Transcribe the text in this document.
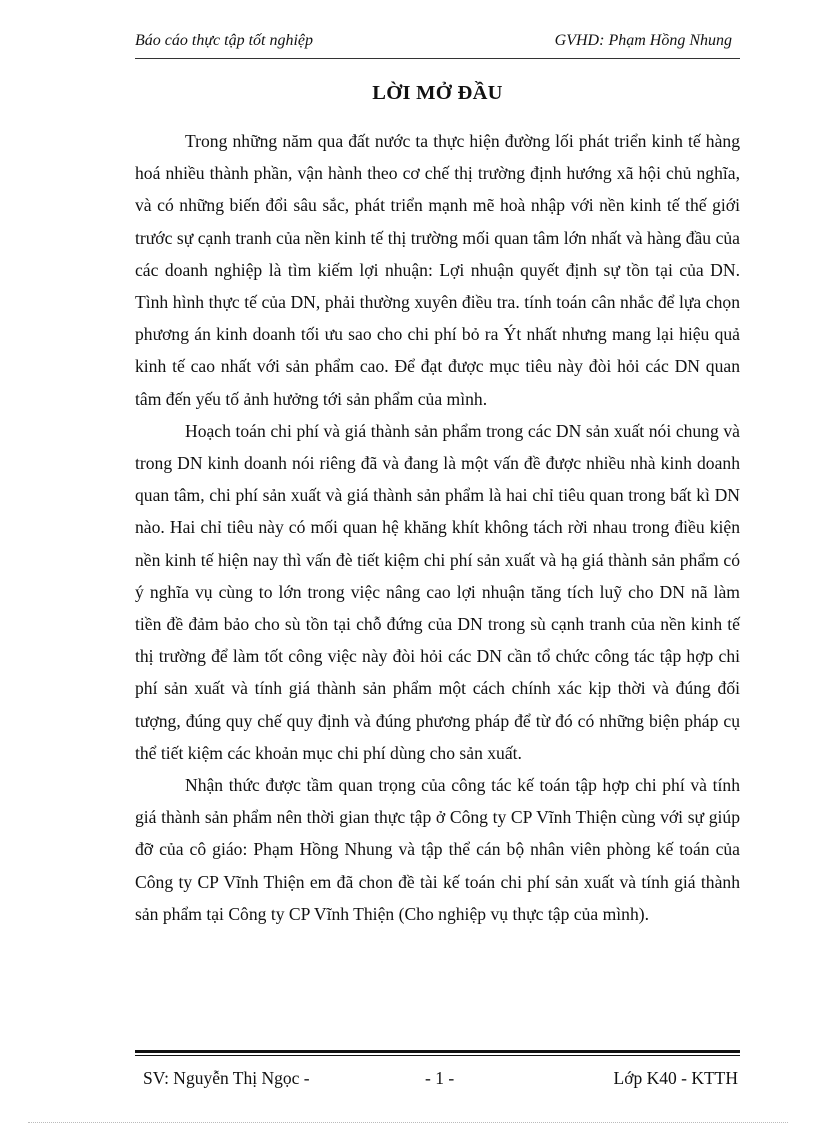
Báo cáo thực tập tốt nghiệp	GVHD: Phạm Hồng Nhung
LỜI MỞ ĐẦU

Trong những năm qua đất nước ta thực hiện đường lối phát triển kinh tế hàng hoá nhiều thành phần, vận hành theo cơ chế thị trường định hướng xã hội chủ nghĩa, và có những biến đổi sâu sắc, phát triển mạnh mẽ hoà nhập với nền kinh tế thế giới trước sự cạnh tranh của nền kinh tế thị trường mối quan tâm lớn nhất và hàng đầu của các doanh nghiệp là tìm kiếm lợi nhuận: Lợi nhuận quyết định sự tồn tại của DN. Tình hình thực tế của DN, phải thường xuyên điều tra. tính toán cân nhắc để lựa chọn phương án kinh doanh tối ưu sao cho chi phí bỏ ra Ýt nhất nhưng mang lại hiệu quả kinh tế cao nhất với sản phẩm cao. Để đạt được mục tiêu này đòi hỏi các DN quan tâm đến yếu tố ảnh hưởng tới sản phẩm của mình.

Hoạch toán chi phí và giá thành sản phẩm trong các DN sản xuất nói chung và trong DN kinh doanh nói riêng đã và đang là một vấn đề được nhiều nhà kinh doanh quan tâm, chi phí sản xuất và giá thành sản phẩm là hai chỉ tiêu quan trong bất kì DN nào. Hai chỉ tiêu này có mối quan hệ khăng khít không tách rời nhau trong điều kiện nền kinh tế hiện nay thì vấn đè tiết kiệm chi phí sản xuất và hạ giá thành sản phẩm có ý nghĩa vụ cùng to lớn trong việc nâng cao lợi nhuận tăng tích luỹ cho DN nã làm tiền đề đảm bảo cho sù tồn tại chỗ đứng của DN trong sù cạnh tranh của nền kinh tế thị trường để làm tốt công việc này đòi hỏi các DN cần tổ chức công tác tập hợp chi phí sản xuất và tính giá thành sản phẩm một cách chính xác kịp thời và đúng đối tượng, đúng quy chế quy định và đúng phương pháp để từ đó có những biện pháp cụ thể tiết kiệm các khoản mục chi phí dùng cho sản xuất.

Nhận thức được tầm quan trọng của công tác kế toán tập hợp chi phí và tính giá thành sản phẩm nên thời gian thực tập ở Công ty CP Vĩnh Thiện cùng với sự giúp đỡ của cô giáo: Phạm Hồng Nhung và tập thể cán bộ nhân viên phòng kế toán của Công ty CP Vĩnh Thiện em đã chon đề tài kế toán chi phí sản xuất và tính giá thành sản phẩm tại Công ty CP Vĩnh Thiện (Cho nghiệp vụ thực tập của mình).

SV: Nguyễn Thị Ngọc -	- 1 -	Lớp K40 - KTTH
